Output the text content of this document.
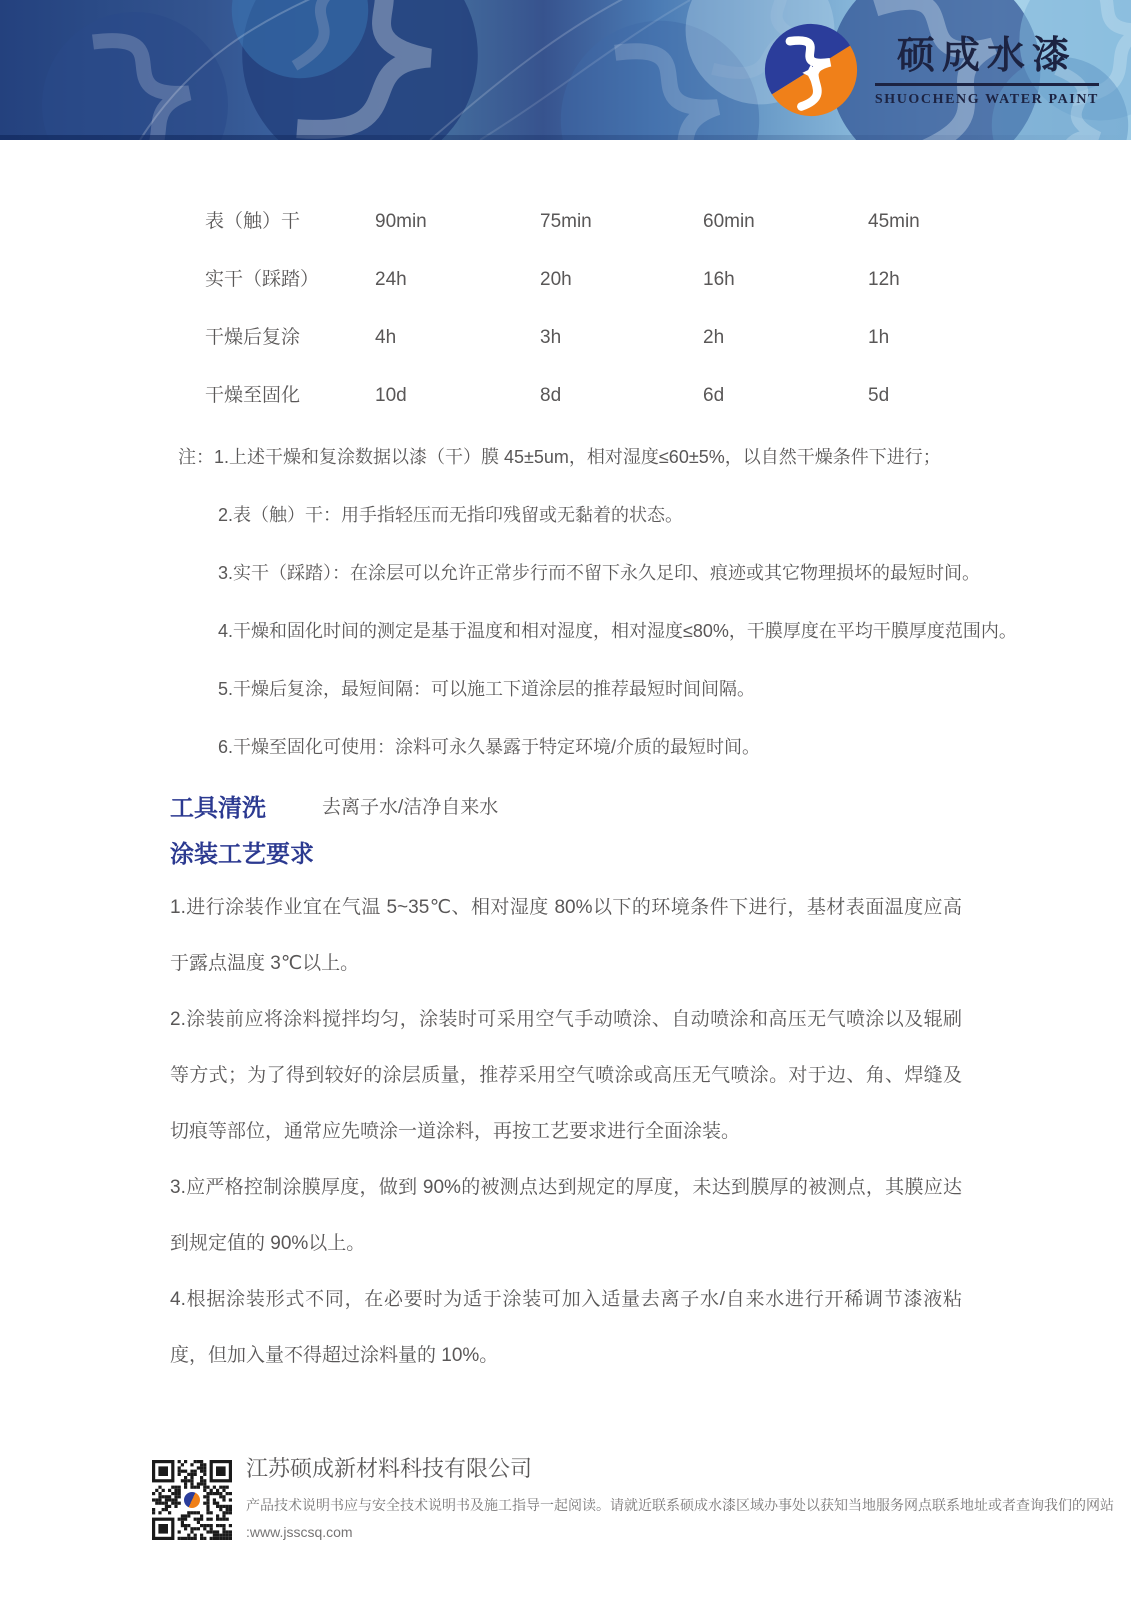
硕成水漆
SHUOCHENG WATER PAINT
表（触）干	90min	75min	60min	45min
实干（踩踏）	24h	20h	16h	12h
干燥后复涂	4h	3h	2h	1h
干燥至固化	10d	8d	6d	5d
注：1.上述干燥和复涂数据以漆（干）膜 45±5um，相对湿度≤60±5%，以自然干燥条件下进行；
2.表（触）干：用手指轻压而无指印残留或无黏着的状态。
3.实干（踩踏）：在涂层可以允许正常步行而不留下永久足印、痕迹或其它物理损坏的最短时间。
4.干燥和固化时间的测定是基于温度和相对湿度，相对湿度≤80%，干膜厚度在平均干膜厚度范围内。
5.干燥后复涂，最短间隔：可以施工下道涂层的推荐最短时间间隔。
6.干燥至固化可使用：涂料可永久暴露于特定环境/介质的最短时间。
工具清洗	去离子水/洁净自来水
涂装工艺要求

1.进行涂装作业宜在气温 5~35℃、相对湿度 80%以下的环境条件下进行，基材表面温度应高于露点温度 3℃以上。

2.涂装前应将涂料搅拌均匀，涂装时可采用空气手动喷涂、自动喷涂和高压无气喷涂以及辊刷等方式；为了得到较好的涂层质量，推荐采用空气喷涂或高压无气喷涂。对于边、角、焊缝及切痕等部位，通常应先喷涂一道涂料，再按工艺要求进行全面涂装。

3.应严格控制涂膜厚度，做到 90%的被测点达到规定的厚度，未达到膜厚的被测点，其膜应达到规定值的 90%以上。

4.根据涂装形式不同，在必要时为适于涂装可加入适量去离子水/自来水进行开稀调节漆液粘度，但加入量不得超过涂料量的 10%。

江苏硕成新材料科技有限公司
产品技术说明书应与安全技术说明书及施工指导一起阅读。请就近联系硕成水漆区域办事处以获知当地服务网点联系地址或者查询我们的网站 :www.jsscsq.com
